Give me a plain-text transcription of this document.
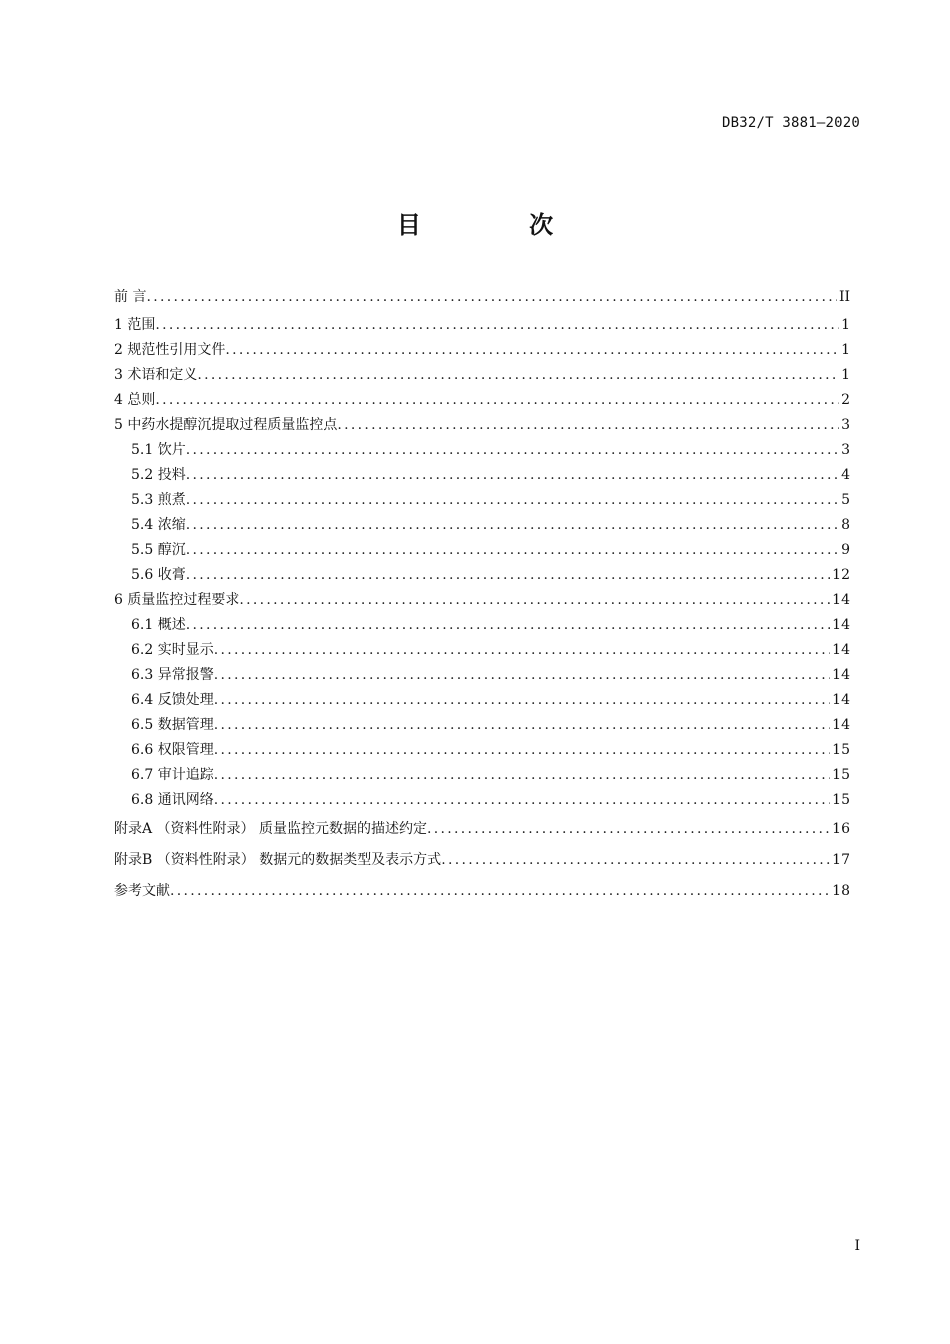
DB32/T 3881—2020
目 次
前 言 .....	II
1 范围 .....	1
2 规范性引用文件 .....	1
3 术语和定义 .....	1
4 总则 .....	2
5 中药水提醇沉提取过程质量监控点 .....	3
5.1 饮片 .....	3
5.2 投料 .....	4
5.3 煎煮 .....	5
5.4 浓缩 .....	8
5.5 醇沉 .....	9
5.6 收膏 .....	12
6 质量监控过程要求 .....	14
6.1 概述 .....	14
6.2 实时显示 .....	14
6.3 异常报警 .....	14
6.4 反馈处理 .....	14
6.5 数据管理 .....	14
6.6 权限管理 .....	15
6.7 审计追踪 .....	15
6.8 通讯网络 .....	15
附录A （资料性附录） 质量监控元数据的描述约定 .....	16
附录B （资料性附录） 数据元的数据类型及表示方式 .....	17
参考文献 .....	18
I
